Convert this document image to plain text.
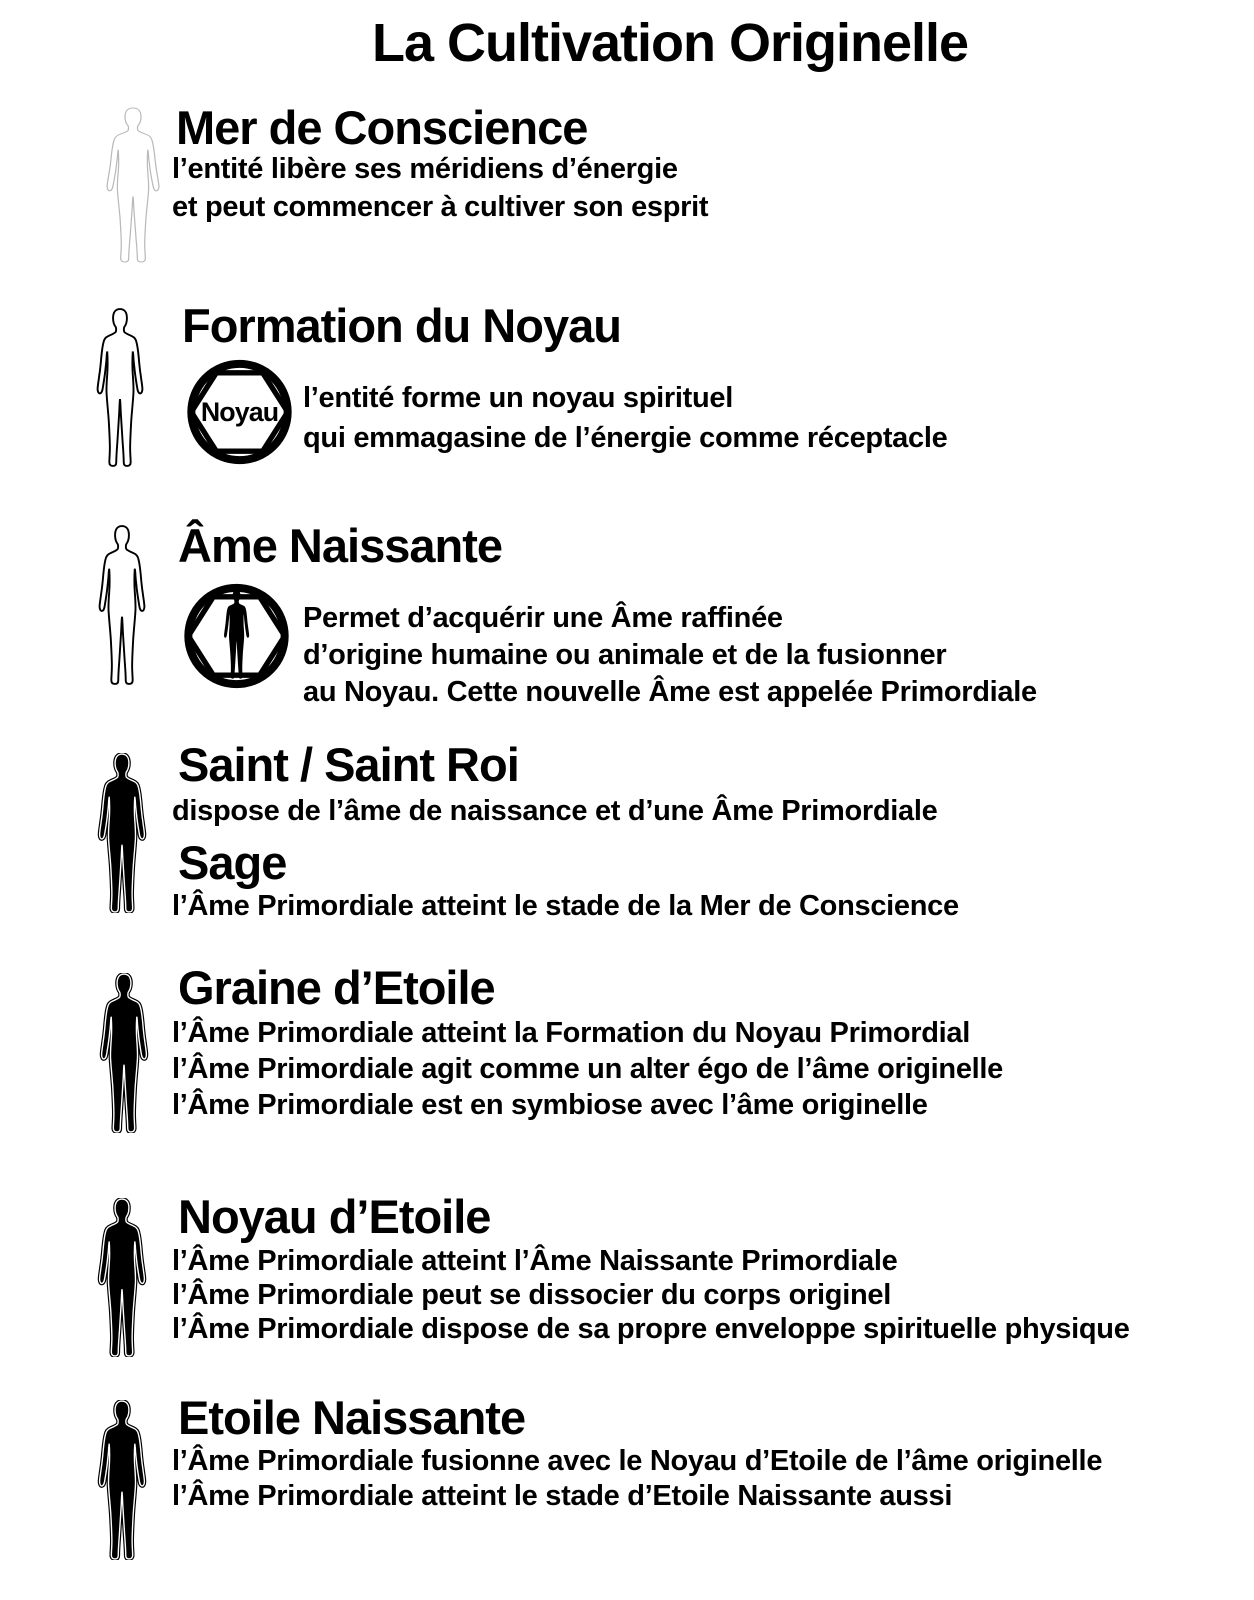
La Cultivation Originelle
Mer de Conscience
l’entité libère ses méridiens d’énergie
et peut commencer à cultiver son esprit
Formation du Noyau
Noyau l’entité forme un noyau spirituel
qui emmagasine de l’énergie comme réceptacle
Âme Naissante
Permet d’acquérir une Âme raffinée
d’origine humaine ou animale et de la fusionner
au Noyau. Cette nouvelle Âme est appelée Primordiale
Saint / Saint Roi
dispose de l’âme de naissance et d’une Âme Primordiale
Sage
l’Âme Primordiale atteint le stade de la Mer de Conscience
Graine d’Etoile
l’Âme Primordiale atteint la Formation du Noyau Primordial
l’Âme Primordiale agit comme un alter égo de l’âme originelle
l’Âme Primordiale est en symbiose avec l’âme originelle
Noyau d’Etoile
l’Âme Primordiale atteint l’Âme Naissante Primordiale
l’Âme Primordiale peut se dissocier du corps originel
l’Âme Primordiale dispose de sa propre enveloppe spirituelle physique
Etoile Naissante
l’Âme Primordiale fusionne avec le Noyau d’Etoile de l’âme originelle
l’Âme Primordiale atteint le stade d’Etoile Naissante aussi
